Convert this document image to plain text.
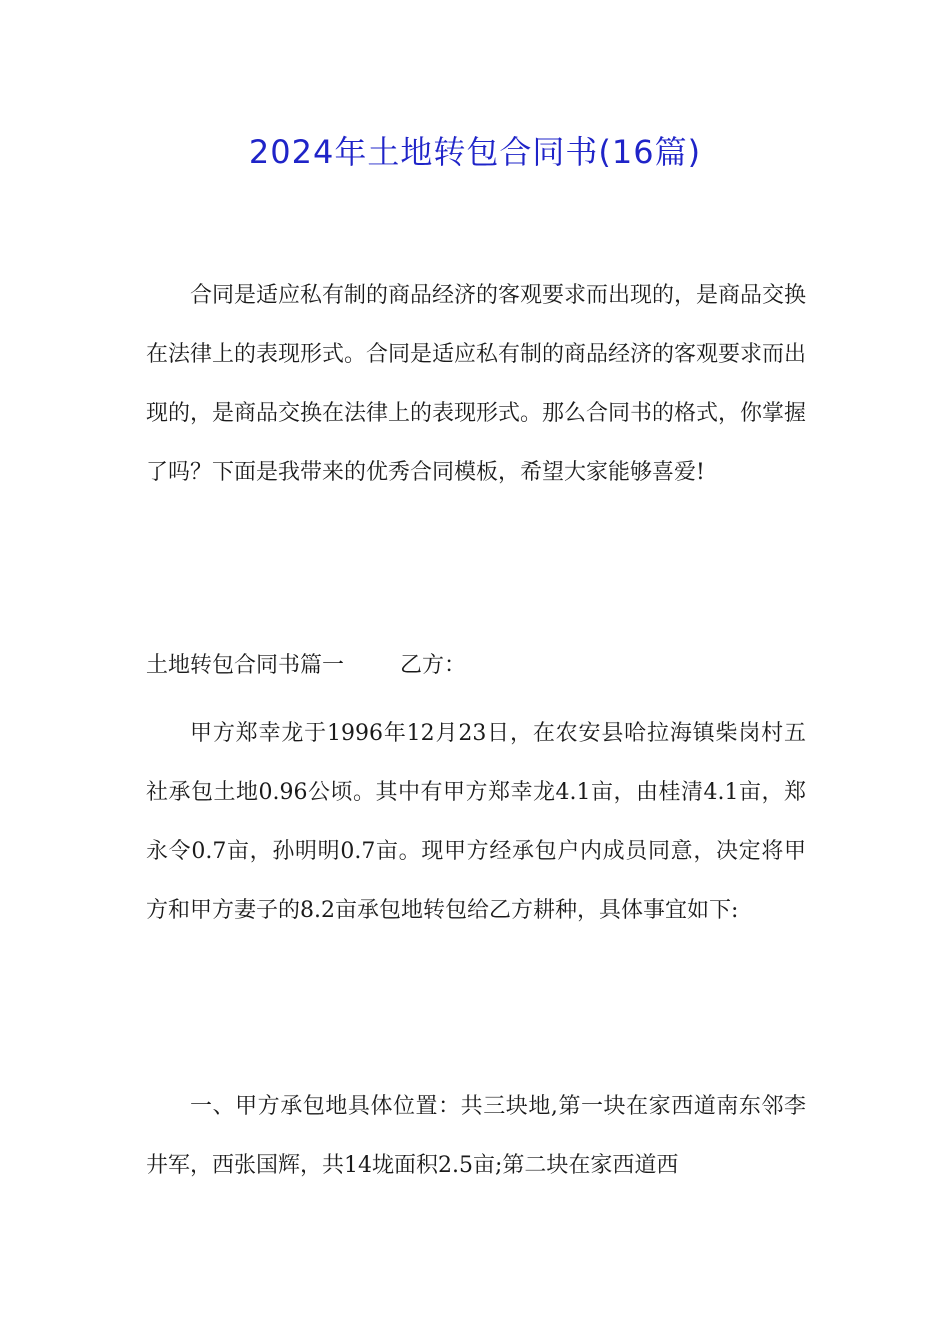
2024年土地转包合同书(16篇)

合同是适应私有制的商品经济的客观要求而出现的，是商品交换在法律上的表现形式。合同是适应私有制的商品经济的客观要求而出现的，是商品交换在法律上的表现形式。那么合同书的格式，你掌握了吗？下面是我带来的优秀合同模板，希望大家能够喜爱!

土地转包合同书篇一        乙方：

甲方郑幸龙于1996年12月23日，在农安县哈拉海镇柴岗村五社承包土地0.96公顷。其中有甲方郑幸龙4.1亩，由桂清4.1亩，郑永令0.7亩，孙明明0.7亩。现甲方经承包户内成员同意，决定将甲方和甲方妻子的8.2亩承包地转包给乙方耕种，具体事宜如下:

一、甲方承包地具体位置：共三块地,第一块在家西道南东邻李井军，西张国辉，共14垅面积2.5亩;第二块在家西道西
